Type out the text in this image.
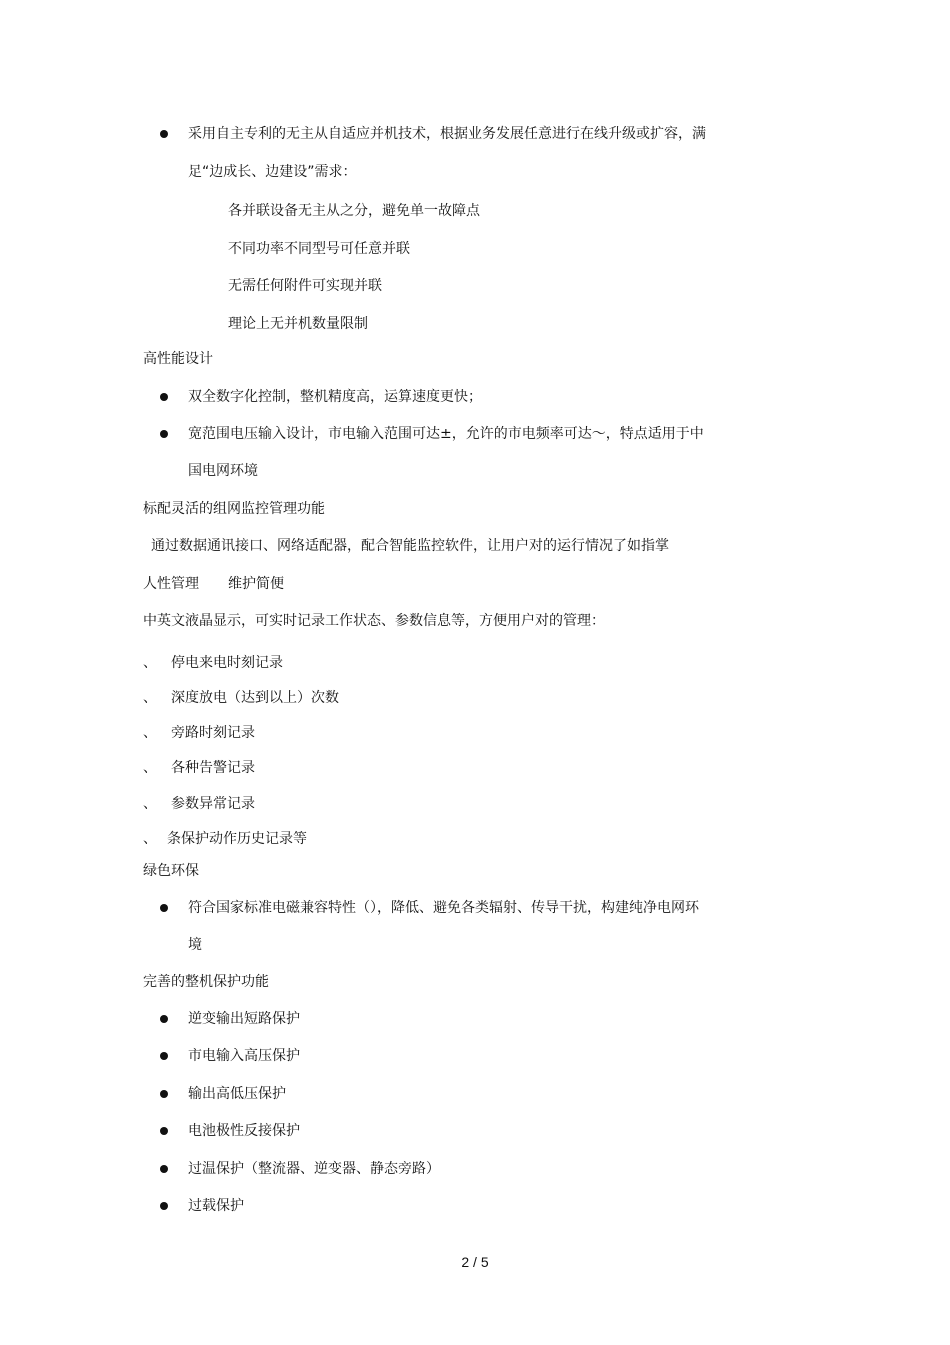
采用自主专利的无主从自适应并机技术，根据业务发展任意进行在线升级或扩容，满
足“边成长、边建设”需求：
各并联设备无主从之分，避免单一故障点
不同功率不同型号可任意并联
无需任何附件可实现并联
理论上无并机数量限制
高性能设计
双全数字化控制，整机精度高，运算速度更快；
宽范围电压输入设计，市电输入范围可达±，允许的市电频率可达～，特点适用于中
国电网环境
标配灵活的组网监控管理功能
通过数据通讯接口、网络适配器，配合智能监控软件，让用户对的运行情况了如指掌
人性管理 维护简便
中英文液晶显示，可实时记录工作状态、参数信息等，方便用户对的管理：
、 停电来电时刻记录
、 深度放电（达到以上）次数
、 旁路时刻记录
、 各种告警记录
、 参数异常记录
、 条保护动作历史记录等
绿色环保
符合国家标准电磁兼容特性（），降低、避免各类辐射、传导干扰，构建纯净电网环
境
完善的整机保护功能
逆变输出短路保护
市电输入高压保护
输出高低压保护
电池极性反接保护
过温保护（整流器、逆变器、静态旁路）
过载保护
2 / 5
